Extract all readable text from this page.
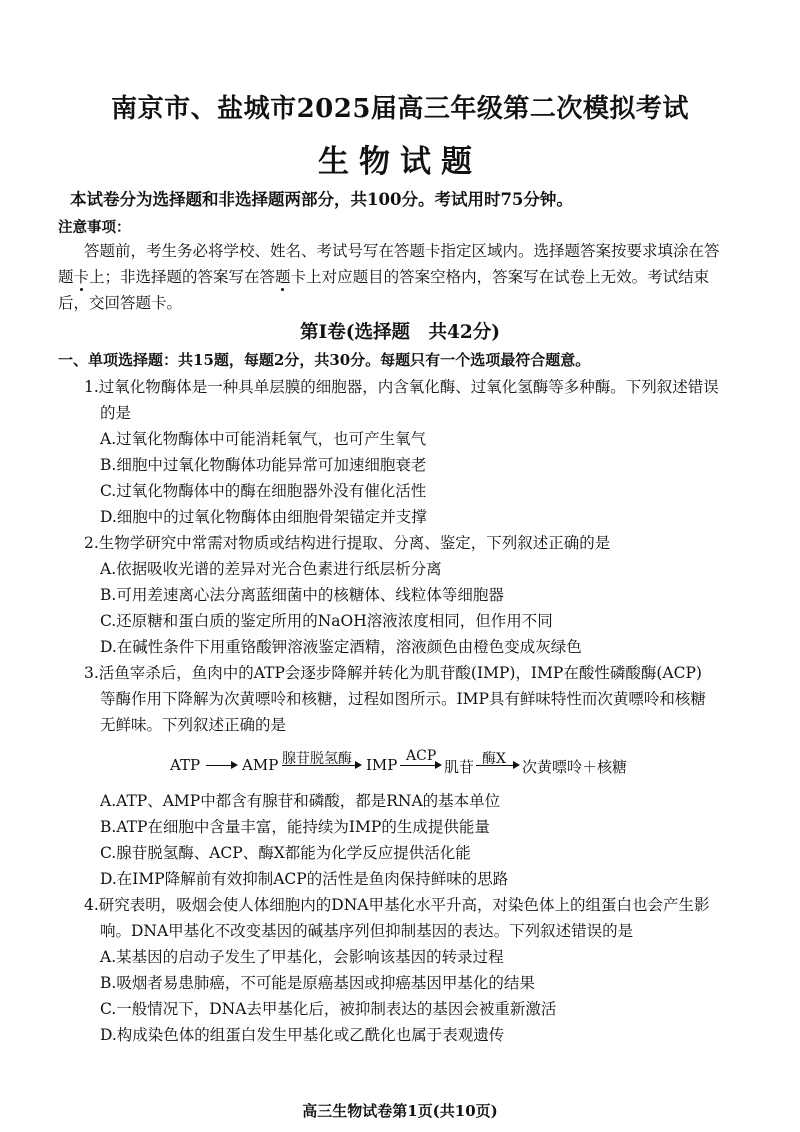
南京市、盐城市2025届高三年级第二次模拟考试
生物试题
本试卷分为选择题和非选择题两部分，共100分。考试用时75分钟。
注意事项：
答题前，考生务必将学校、姓名、考试号写在答题卡指定区域内。选择题答案按要求填涂在答
题卡上；非选择题的答案写在答题卡上对应题目的答案空格内，答案写在试卷上无效。考试结束
后，交回答题卡。
第Ⅰ卷(选择题　共42分)
一、单项选择题：共15题，每题2分，共30分。每题只有一个选项最符合题意。
1.过氧化物酶体是一种具单层膜的细胞器，内含氧化酶、过氧化氢酶等多种酶。下列叙述错误
的是
A.过氧化物酶体中可能消耗氧气，也可产生氧气
B.细胞中过氧化物酶体功能异常可加速细胞衰老
C.过氧化物酶体中的酶在细胞器外没有催化活性
D.细胞中的过氧化物酶体由细胞骨架锚定并支撑
2.生物学研究中常需对物质或结构进行提取、分离、鉴定，下列叙述正确的是
A.依据吸收光谱的差异对光合色素进行纸层析分离
B.可用差速离心法分离蓝细菌中的核糖体、线粒体等细胞器
C.还原糖和蛋白质的鉴定所用的NaOH溶液浓度相同，但作用不同
D.在碱性条件下用重铬酸钾溶液鉴定酒精，溶液颜色由橙色变成灰绿色
3.活鱼宰杀后，鱼肉中的ATP会逐步降解并转化为肌苷酸(IMP)，IMP在酸性磷酸酶(ACP)
等酶作用下降解为次黄嘌呤和核糖，过程如图所示。IMP具有鲜味特性而次黄嘌呤和核糖
无鲜味。下列叙述正确的是
ATP	AMP 腺苷脱氢酶 IMP ACP
肌苷 酶X 次黄嘌呤＋核糖
A.ATP、AMP中都含有腺苷和磷酸，都是RNA的基本单位
B.ATP在细胞中含量丰富，能持续为IMP的生成提供能量
C.腺苷脱氢酶、ACP、酶X都能为化学反应提供活化能
D.在IMP降解前有效抑制ACP的活性是鱼肉保持鲜味的思路
4.研究表明，吸烟会使人体细胞内的DNA甲基化水平升高，对染色体上的组蛋白也会产生影
响。DNA甲基化不改变基因的碱基序列但抑制基因的表达。下列叙述错误的是
A.某基因的启动子发生了甲基化，会影响该基因的转录过程
B.吸烟者易患肺癌，不可能是原癌基因或抑癌基因甲基化的结果
C.一般情况下，DNA去甲基化后，被抑制表达的基因会被重新激活
D.构成染色体的组蛋白发生甲基化或乙酰化也属于表观遗传
高三生物试卷第1页(共10页)
